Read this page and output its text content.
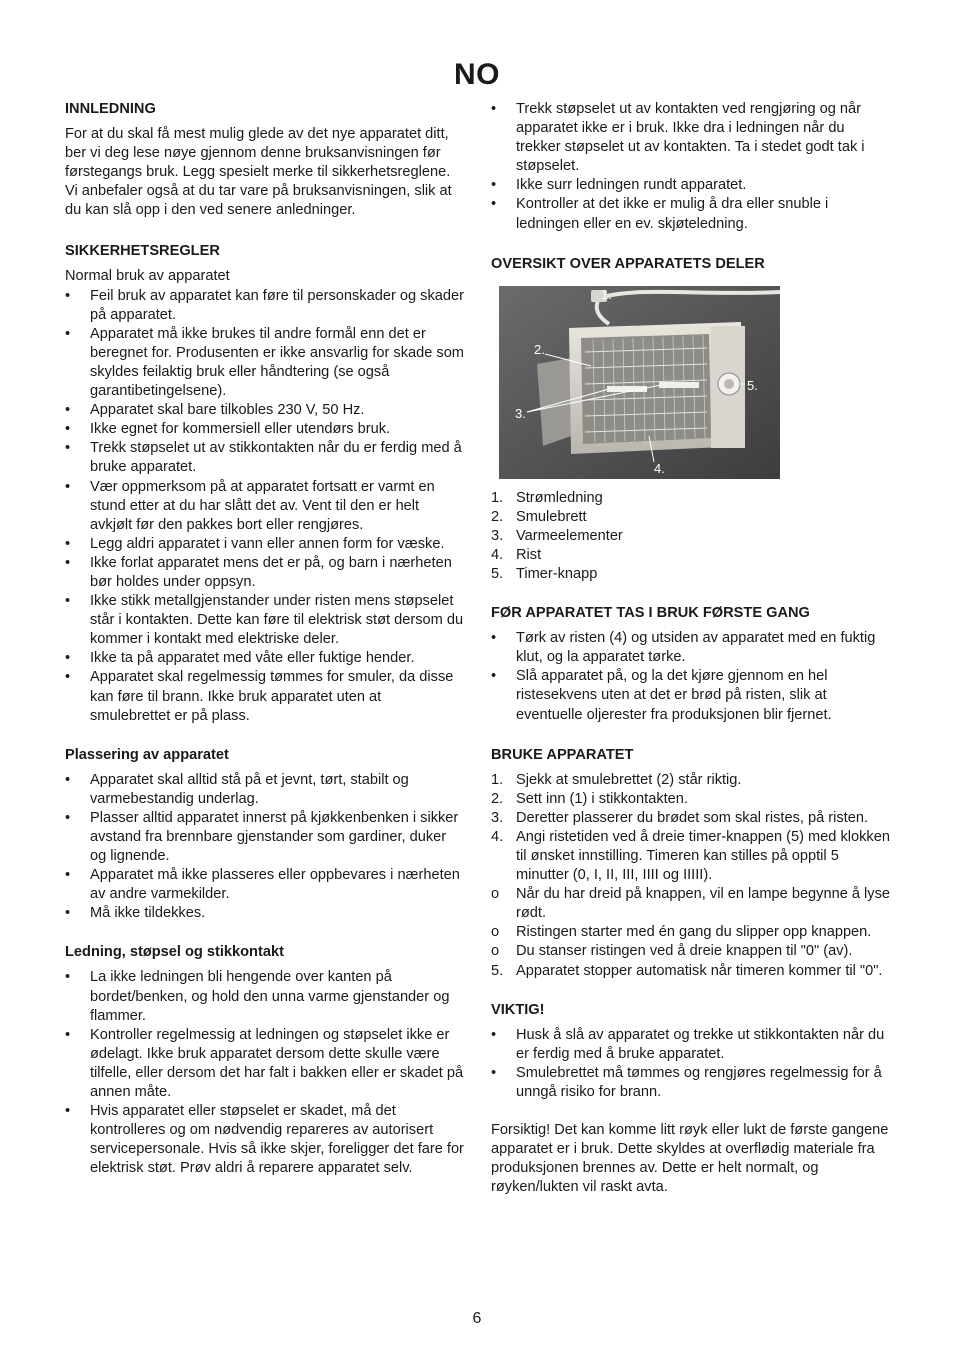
NO
INNLEDNING

For at du skal få mest mulig glede av det nye apparatet ditt, ber vi deg lese nøye gjennom denne bruksanvisningen før førstegangs bruk. Legg spesielt merke til sikkerhetsreglene. Vi anbefaler også at du tar vare på bruksanvisningen, slik at du kan slå opp i den ved senere anledninger.

SIKKERHETSREGLER

Normal bruk av apparatet

• Feil bruk av apparatet kan føre til personskader og skader på apparatet.
• Apparatet må ikke brukes til andre formål enn det er beregnet for. Produsenten er ikke ansvarlig for skade som skyldes feilaktig bruk eller håndtering (se også garantibetingelsene).
• Apparatet skal bare tilkobles 230 V, 50 Hz.
• Ikke egnet for kommersiell eller utendørs bruk.
• Trekk støpselet ut av stikkontakten når du er ferdig med å bruke apparatet.
• Vær oppmerksom på at apparatet fortsatt er varmt en stund etter at du har slått det av. Vent til den er helt avkjølt før den pakkes bort eller rengjøres.
• Legg aldri apparatet i vann eller annen form for væske.
• Ikke forlat apparatet mens det er på, og barn i nærheten bør holdes under oppsyn.
• Ikke stikk metallgjenstander under risten mens støpselet står i kontakten. Dette kan føre til elektrisk støt dersom du kommer i kontakt med elektriske deler.
• Ikke ta på apparatet med våte eller fuktige hender.
• Apparatet skal regelmessig tømmes for smuler, da disse kan føre til brann. Ikke bruk apparatet uten at smulebrettet er på plass.
Plassering av apparatet
• Apparatet skal alltid stå på et jevnt, tørt, stabilt og varmebestandig underlag.
• Plasser alltid apparatet innerst på kjøkkenbenken i sikker avstand fra brennbare gjenstander som gardiner, duker og lignende.
• Apparatet må ikke plasseres eller oppbevares i nærheten av andre varmekilder.
• Må ikke tildekkes.
Ledning, støpsel og stikkontakt
• La ikke ledningen bli hengende over kanten på bordet/benken, og hold den unna varme gjenstander og flammer.
• Kontroller regelmessig at ledningen og støpselet ikke er ødelagt. Ikke bruk apparatet dersom dette skulle være tilfelle, eller dersom det har falt i bakken eller er skadet på annen måte.
• Hvis apparatet eller støpselet er skadet, må det kontrolleres og om nødvendig repareres av autorisert servicepersonale. Hvis så ikke skjer, foreligger det fare for elektrisk støt. Prøv aldri å reparere apparatet selv.
• Trekk støpselet ut av kontakten ved rengjøring og når apparatet ikke er i bruk. Ikke dra i ledningen når du trekker støpselet ut av kontakten. Ta i stedet godt tak i støpselet.
• Ikke surr ledningen rundt apparatet.
• Kontroller at det ikke er mulig å dra eller snuble i ledningen eller en ev. skjøteledning.
OVERSIKT OVER APPARATETS DELER
1.
2.
3.
4.
5.
1. Strømledning
2. Smulebrett
3. Varmeelementer
4. Rist
5. Timer-knapp
FØR APPARATET TAS I BRUK FØRSTE GANG
• Tørk av risten (4) og utsiden av apparatet med en fuktig klut, og la apparatet tørke.
• Slå apparatet på, og la det kjøre gjennom en hel ristesekvens uten at det er brød på risten, slik at eventuelle oljerester fra produksjonen blir fjernet.
BRUKE APPARATET
1. Sjekk at smulebrettet (2) står riktig.
2. Sett inn (1) i stikkontakten.
3. Deretter plasserer du brødet som skal ristes, på risten.
4. Angi ristetiden ved å dreie timer-knappen (5) med klokken til ønsket innstilling. Timeren kan stilles på opptil 5 minutter (0, I, II, III, IIII og IIIII).
o Når du har dreid på knappen, vil en lampe begynne å lyse rødt.
o Ristingen starter med én gang du slipper opp knappen.
o Du stanser ristingen ved å dreie knappen til "0" (av).
5. Apparatet stopper automatisk når timeren kommer til "0".
VIKTIG!
• Husk å slå av apparatet og trekke ut stikkontakten når du er ferdig med å bruke apparatet.
• Smulebrettet må tømmes og rengjøres regelmessig for å unngå risiko for brann.

Forsiktig! Det kan komme litt røyk eller lukt de første gangene apparatet er i bruk. Dette skyldes at overflødig materiale fra produksjonen brennes av. Dette er helt normalt, og røyken/lukten vil raskt avta.

6
